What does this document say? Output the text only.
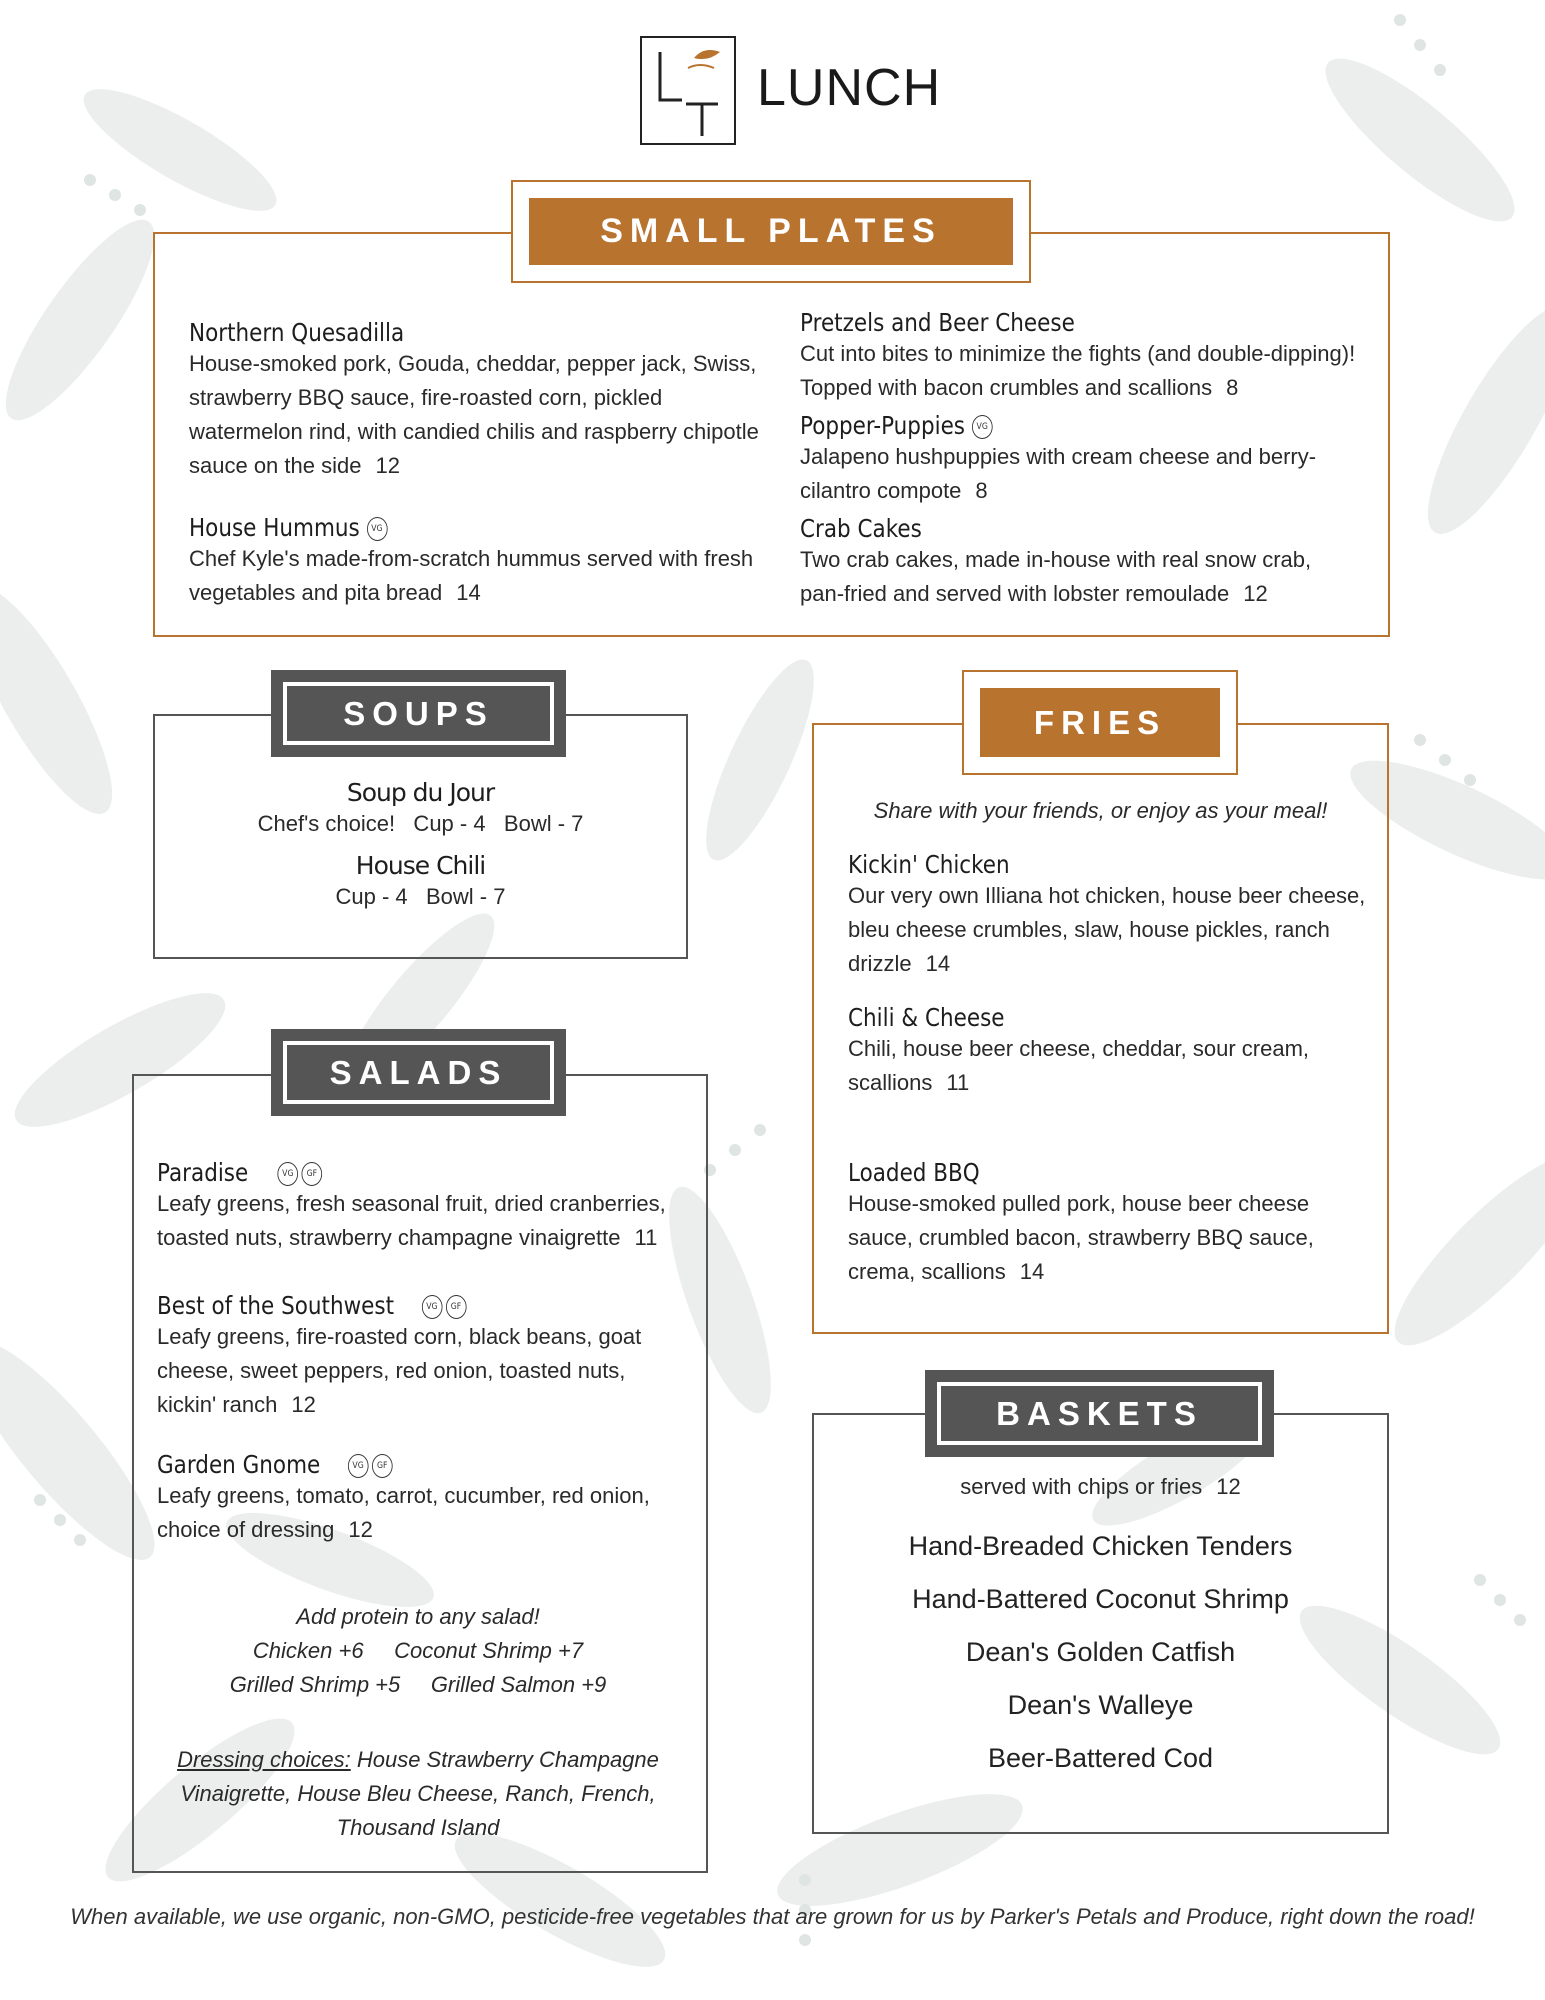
LUNCH
SMALL PLATES
Northern Quesadilla
House-smoked pork, Gouda, cheddar, pepper jack, Swiss, strawberry BBQ sauce, fire-roasted corn, pickled watermelon rind, with candied chilis and raspberry chipotle sauce on the side 12
House Hummus VG
Chef Kyle's made-from-scratch hummus served with fresh vegetables and pita bread 14
Pretzels and Beer Cheese
Cut into bites to minimize the fights (and double-dipping)! Topped with bacon crumbles and scallions 8
Popper-Puppies VG
Jalapeno hushpuppies with cream cheese and berry-cilantro compote 8
Crab Cakes
Two crab cakes, made in-house with real snow crab, pan-fried and served with lobster remoulade 12
SOUPS
Soup du Jour
Chef's choice!   Cup - 4   Bowl - 7
House Chili
Cup - 4   Bowl - 7
SALADS
Paradise	VG GF
Leafy greens, fresh seasonal fruit, dried cranberries, toasted nuts, strawberry champagne vinaigrette 11
Best of the Southwest	VG GF
Leafy greens, fire-roasted corn, black beans, goat cheese, sweet peppers, red onion, toasted nuts, kickin' ranch 12
Garden Gnome	VG GF
Leafy greens, tomato, carrot, cucumber, red onion, choice of dressing 12
Add protein to any salad!
Chicken +6     Coconut Shrimp +7
Grilled Shrimp +5     Grilled Salmon +9
Dressing choices: House Strawberry Champagne Vinaigrette, House Bleu Cheese, Ranch, French, Thousand Island
FRIES
Share with your friends, or enjoy as your meal!
Kickin' Chicken
Our very own Illiana hot chicken, house beer cheese, bleu cheese crumbles, slaw, house pickles, ranch drizzle 14
Chili & Cheese
Chili, house beer cheese, cheddar, sour cream, scallions 11
Loaded BBQ
House-smoked pulled pork, house beer cheese sauce, crumbled bacon, strawberry BBQ sauce, crema, scallions 14
BASKETS
served with chips or fries 12
Hand-Breaded Chicken Tenders
Hand-Battered Coconut Shrimp
Dean's Golden Catfish
Dean's Walleye
Beer-Battered Cod
When available, we use organic, non-GMO, pesticide-free vegetables that are grown for us by Parker's Petals and Produce, right down the road!
